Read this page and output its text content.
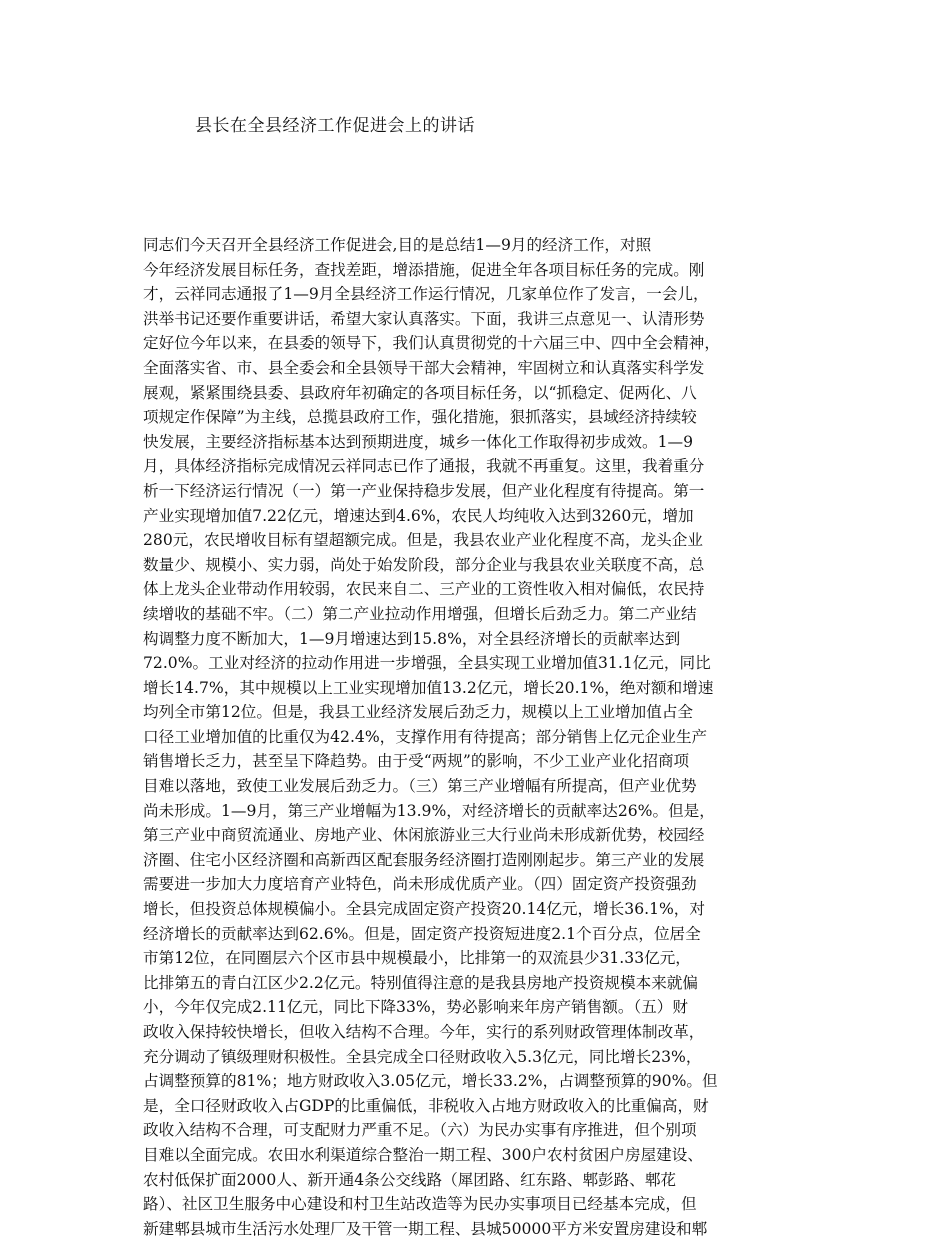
县长在全县经济工作促进会上的讲话
同志们今天召开全县经济工作促进会,目的是总结1—9月的经济工作，对照
今年经济发展目标任务，查找差距，增添措施，促进全年各项目标任务的完成。刚
才，云祥同志通报了1—9月全县经济工作运行情况，几家单位作了发言，一会儿，
洪举书记还要作重要讲话，希望大家认真落实。下面，我讲三点意见一、认清形势
定好位今年以来，在县委的领导下，我们认真贯彻党的十六届三中、四中全会精神，
全面落实省、市、县全委会和全县领导干部大会精神，牢固树立和认真落实科学发
展观，紧紧围绕县委、县政府年初确定的各项目标任务，以“抓稳定、促两化、八
项规定作保障”为主线，总揽县政府工作，强化措施，狠抓落实，县域经济持续较
快发展，主要经济指标基本达到预期进度，城乡一体化工作取得初步成效。1—9
月，具体经济指标完成情况云祥同志已作了通报，我就不再重复。这里，我着重分
析一下经济运行情况（一）第一产业保持稳步发展，但产业化程度有待提高。第一
产业实现增加值7.22亿元，增速达到4.6%，农民人均纯收入达到3260元，增加
280元，农民增收目标有望超额完成。但是，我县农业产业化程度不高，龙头企业
数量少、规模小、实力弱，尚处于始发阶段，部分企业与我县农业关联度不高，总
体上龙头企业带动作用较弱，农民来自二、三产业的工资性收入相对偏低，农民持
续增收的基础不牢。（二）第二产业拉动作用增强，但增长后劲乏力。第二产业结
构调整力度不断加大，1—9月增速达到15.8%，对全县经济增长的贡献率达到
72.0%。工业对经济的拉动作用进一步增强，全县实现工业增加值31.1亿元，同比
增长14.7%，其中规模以上工业实现增加值13.2亿元，增长20.1%，绝对额和增速
均列全市第12位。但是，我县工业经济发展后劲乏力，规模以上工业增加值占全
口径工业增加值的比重仅为42.4%，支撑作用有待提高；部分销售上亿元企业生产
销售增长乏力，甚至呈下降趋势。由于受“两规”的影响，不少工业产业化招商项
目难以落地，致使工业发展后劲乏力。（三）第三产业增幅有所提高，但产业优势
尚未形成。1—9月，第三产业增幅为13.9%，对经济增长的贡献率达26%。但是，
第三产业中商贸流通业、房地产业、休闲旅游业三大行业尚未形成新优势，校园经
济圈、住宅小区经济圈和高新西区配套服务经济圈打造刚刚起步。第三产业的发展
需要进一步加大力度培育产业特色，尚未形成优质产业。（四）固定资产投资强劲
增长，但投资总体规模偏小。全县完成固定资产投资20.14亿元，增长36.1%，对
经济增长的贡献率达到62.6%。但是，固定资产投资短进度2.1个百分点，位居全
市第12位，在同圈层六个区市县中规模最小，比排第一的双流县少31.33亿元，
比排第五的青白江区少2.2亿元。特别值得注意的是我县房地产投资规模本来就偏
小，今年仅完成2.11亿元，同比下降33%，势必影响来年房产销售额。（五）财
政收入保持较快增长，但收入结构不合理。今年，实行的系列财政管理体制改革，
充分调动了镇级理财积极性。全县完成全口径财政收入5.3亿元，同比增长23%，
占调整预算的81%；地方财政收入3.05亿元，增长33.2%，占调整预算的90%。但
是，全口径财政收入占GDP的比重偏低，非税收入占地方财政收入的比重偏高，财
政收入结构不合理，可支配财力严重不足。（六）为民办实事有序推进，但个别项
目难以全面完成。农田水利渠道综合整治一期工程、300户农村贫困户房屋建设、
农村低保扩面2000人、新开通4条公交线路（犀团路、红东路、郫彭路、郫花
路）、社区卫生服务中心建设和村卫生站改造等为民办实事项目已经基本完成，但
新建郫县城市生活污水处理厂及干管一期工程、县城50000平方米安置房建设和郫
